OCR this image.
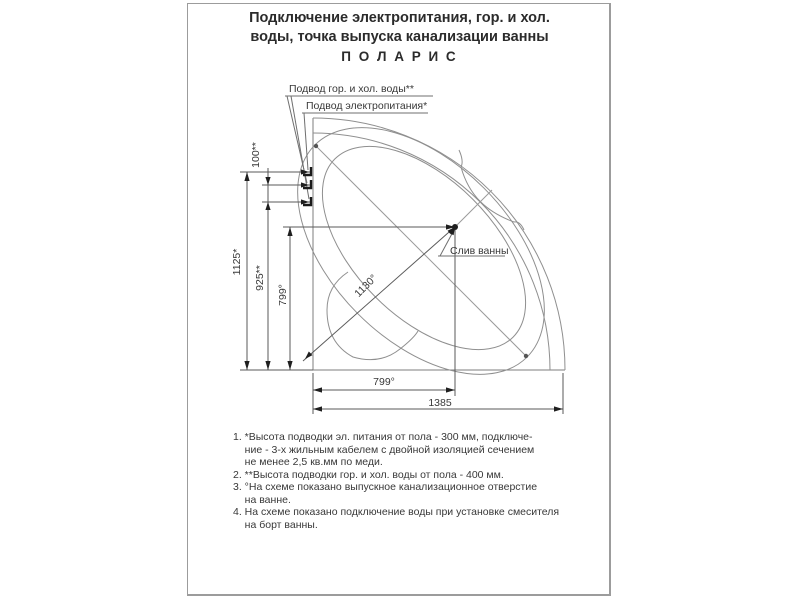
Подключение электропитания, гор. и хол.
воды, точка выпуска канализации ванны
П О Л А Р И С
Подвод гор. и хол. воды**
Подвод электропитания*
Слив ванны
100**
1125*
925**
799°	1130°
799°
1385
1. *Высота подводки эл. питания от пола - 300 мм, подключе-
ние - 3-х жильным кабелем с двойной изоляцией сечением
не менее 2,5 кв.мм по меди.
2. **Высота подводки гор. и хол. воды от пола - 400 мм.
3. °На схеме показано выпускное канализационное отверстие
на ванне.
4. На схеме показано подключение воды при установке смесителя
на борт ванны.
